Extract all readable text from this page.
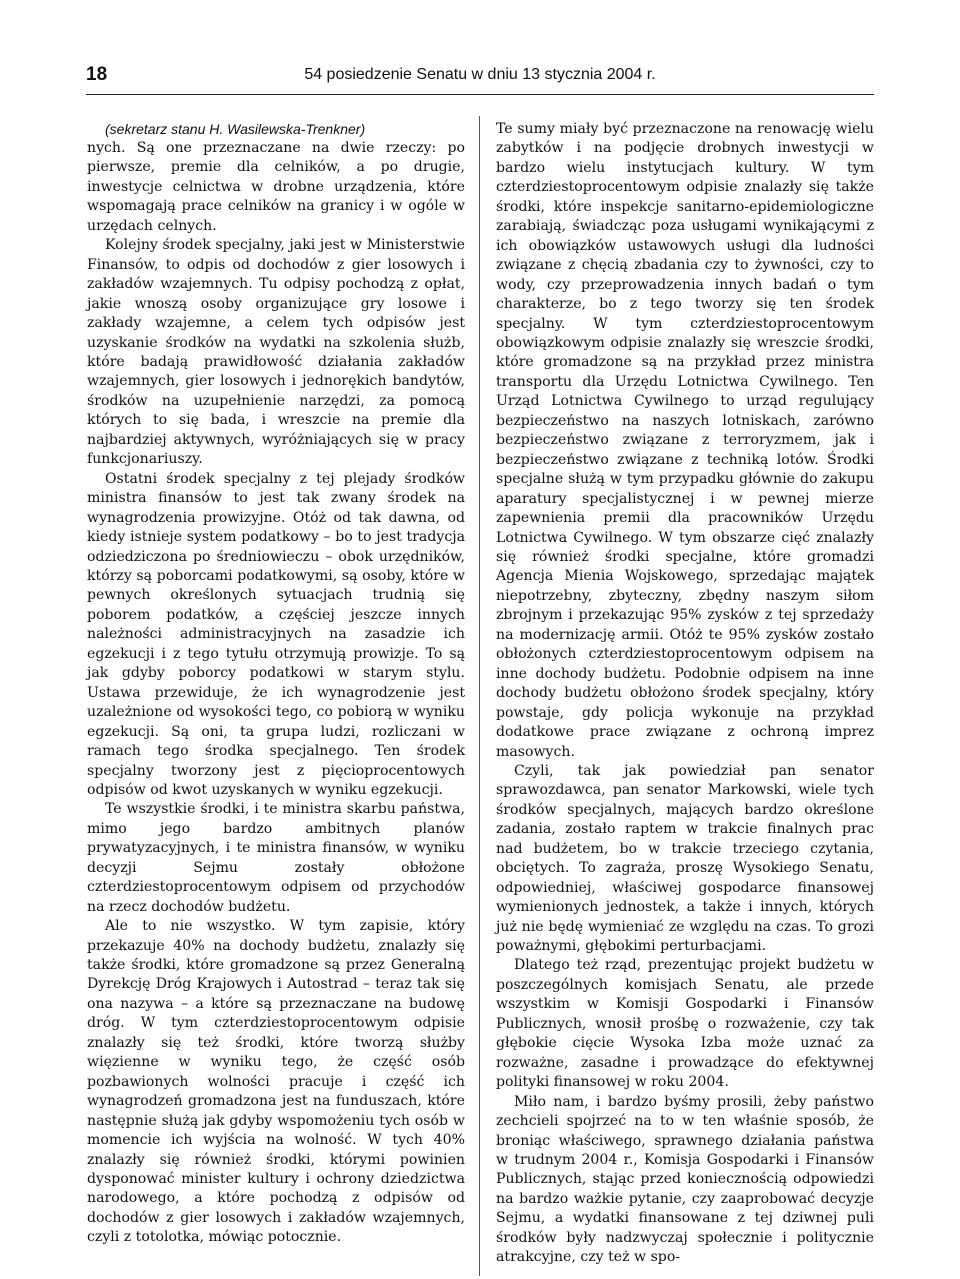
18	54 posiedzenie Senatu w dniu 13 stycznia 2004 r.

(sekretarz stanu H. Wasilewska-Trenkner)

nych. Są one przeznaczane na dwie rzeczy: po pierwsze, premie dla celników, a po drugie, inwestycje celnictwa w drobne urządzenia, które wspomagają prace celników na granicy i w ogóle w urzędach celnych.

Kolejny środek specjalny, jaki jest w Ministerstwie Finansów, to odpis od dochodów z gier losowych i zakładów wzajemnych. Tu odpisy pochodzą z opłat, jakie wnoszą osoby organizujące gry losowe i zakłady wzajemne, a celem tych odpisów jest uzyskanie środków na wydatki na szkolenia służb, które badają prawidłowość działania zakładów wzajemnych, gier losowych i jednorękich bandytów, środków na uzupełnienie narzędzi, za pomocą których to się bada, i wreszcie na premie dla najbardziej aktywnych, wyróżniających się w pracy funkcjonariuszy.

Ostatni środek specjalny z tej plejady środków ministra finansów to jest tak zwany środek na wynagrodzenia prowizyjne. Otóż od tak dawna, od kiedy istnieje system podatkowy – bo to jest tradycja odziedziczona po średniowieczu – obok urzędników, którzy są poborcami podatkowymi, są osoby, które w pewnych określonych sytuacjach trudnią się poborem podatków, a częściej jeszcze innych należności administracyjnych na zasadzie ich egzekucji i z tego tytułu otrzymują prowizje. To są jak gdyby poborcy podatkowi w starym stylu. Ustawa przewiduje, że ich wynagrodzenie jest uzależnione od wysokości tego, co pobiorą w wyniku egzekucji. Są oni, ta grupa ludzi, rozliczani w ramach tego środka specjalnego. Ten środek specjalny tworzony jest z pięcioprocentowych odpisów od kwot uzyskanych w wyniku egzekucji.

Te wszystkie środki, i te ministra skarbu państwa, mimo jego bardzo ambitnych planów prywatyzacyjnych, i te ministra finansów, w wyniku decyzji Sejmu zostały obłożone czterdziestoprocentowym odpisem od przychodów na rzecz dochodów budżetu.

Ale to nie wszystko. W tym zapisie, który przekazuje 40% na dochody budżetu, znalazły się także środki, które gromadzone są przez Generalną Dyrekcję Dróg Krajowych i Autostrad – teraz tak się ona nazywa – a które są przeznaczane na budowę dróg. W tym czterdziestoprocentowym odpisie znalazły się też środki, które tworzą służby więzienne w wyniku tego, że część osób pozbawionych wolności pracuje i część ich wynagrodzeń gromadzona jest na funduszach, które następnie służą jak gdyby wspomożeniu tych osób w momencie ich wyjścia na wolność. W tych 40% znalazły się również środki, którymi powinien dysponować minister kultury i ochrony dziedzictwa narodowego, a które pochodzą z odpisów od dochodów z gier losowych i zakładów wzajemnych, czyli z totolotka, mówiąc potocznie.

Te sumy miały być przeznaczone na renowację wielu zabytków i na podjęcie drobnych inwestycji w bardzo wielu instytucjach kultury. W tym czterdziestoprocentowym odpisie znalazły się także środki, które inspekcje sanitarno-epidemiologiczne zarabiają, świadcząc poza usługami wynikającymi z ich obowiązków ustawowych usługi dla ludności związane z chęcią zbadania czy to żywności, czy to wody, czy przeprowadzenia innych badań o tym charakterze, bo z tego tworzy się ten środek specjalny. W tym czterdziestoprocentowym obowiązkowym odpisie znalazły się wreszcie środki, które gromadzone są na przykład przez ministra transportu dla Urzędu Lotnictwa Cywilnego. Ten Urząd Lotnictwa Cywilnego to urząd regulujący bezpieczeństwo na naszych lotniskach, zarówno bezpieczeństwo związane z terroryzmem, jak i bezpieczeństwo związane z techniką lotów. Środki specjalne służą w tym przypadku głównie do zakupu aparatury specjalistycznej i w pewnej mierze zapewnienia premii dla pracowników Urzędu Lotnictwa Cywilnego. W tym obszarze cięć znalazły się również środki specjalne, które gromadzi Agencja Mienia Wojskowego, sprzedając majątek niepotrzebny, zbyteczny, zbędny naszym siłom zbrojnym i przekazując 95% zysków z tej sprzedaży na modernizację armii. Otóż te 95% zysków zostało obłożonych czterdziestoprocentowym odpisem na inne dochody budżetu. Podobnie odpisem na inne dochody budżetu obłożono środek specjalny, który powstaje, gdy policja wykonuje na przykład dodatkowe prace związane z ochroną imprez masowych.

Czyli, tak jak powiedział pan senator sprawozdawca, pan senator Markowski, wiele tych środków specjalnych, mających bardzo określone zadania, zostało raptem w trakcie finalnych prac nad budżetem, bo w trakcie trzeciego czytania, obciętych. To zagraża, proszę Wysokiego Senatu, odpowiedniej, właściwej gospodarce finansowej wymienionych jednostek, a także i innych, których już nie będę wymieniać ze względu na czas. To grozi poważnymi, głębokimi perturbacjami.

Dlatego też rząd, prezentując projekt budżetu w poszczególnych komisjach Senatu, ale przede wszystkim w Komisji Gospodarki i Finansów Publicznych, wnosił prośbę o rozważenie, czy tak głębokie cięcie Wysoka Izba może uznać za rozważne, zasadne i prowadzące do efektywnej polityki finansowej w roku 2004.

Miło nam, i bardzo byśmy prosili, żeby państwo zechcieli spojrzeć na to w ten właśnie sposób, że broniąc właściwego, sprawnego działania państwa w trudnym 2004 r., Komisja Gospodarki i Finansów Publicznych, stając przed koniecznością odpowiedzi na bardzo ważkie pytanie, czy zaaprobować decyzje Sejmu, a wydatki finansowane z tej dziwnej puli środków były nadzwyczaj społecznie i politycznie atrakcyjne, czy też w spo-
